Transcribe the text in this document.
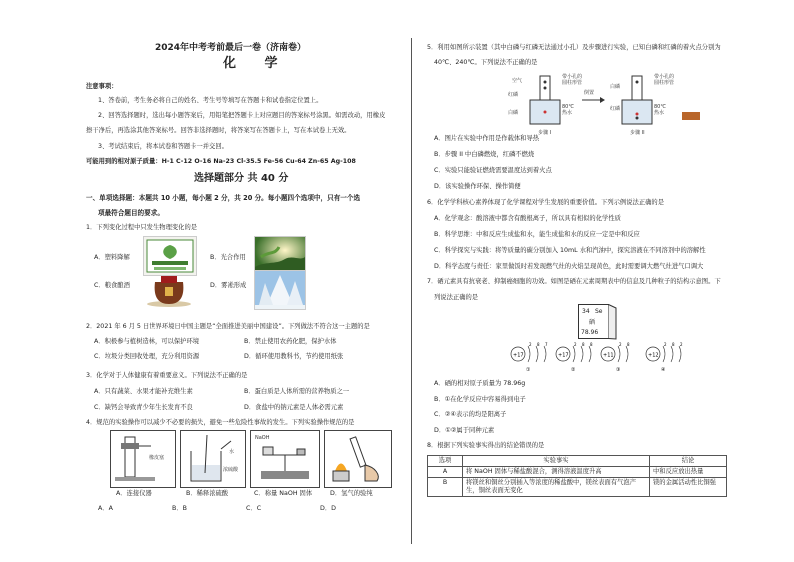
2024年中考考前最后一卷（济南卷）
化 学
注意事项：
1、答卷前，考生务必将自己的姓名、考生号等填写在答题卡和试卷指定位置上。
2、回答选择题时，选出每小题答案后，用铅笔把答题卡上对应题目的答案标号涂黑。如需改动，用橡皮
擦干净后，再选涂其他答案标号。回答非选择题时，将答案写在答题卡上，写在本试卷上无效。
3、考试结束后，将本试卷和答题卡一并交回。
可能用到的相对原子质量：H-1 C-12 O-16 Na-23 Cl-35.5 Fe-56 Cu-64 Zn-65 Ag-108
选择题部分 共 40 分
一、单项选择题：本题共 10 小题，每小题 2 分，共 20 分。每小题四个选项中，只有一个选
项最符合题目的要求。
1．下列变化过程中只发生物理变化的是
A．塑料降解	B．光合作用
C．粮食酿酒	D．雾凇形成
2．2021 年 6 月 5 日世界环境日中国主题是“全面推进美丽中国建设”。下列做法不符合这一主题的是
A．积极参与植树造林，可以保护环境	B．禁止使用农药化肥，保护水体
C．垃圾分类回收处理，充分利用资源	D．循环使用教科书，节约使用纸张
3．化学对于人体健康有着重要意义。下列说法不正确的是
A．只有蔬菜、水果才能补充维生素	B．蛋白质是人体所需的营养物质之一
C．缺钙会导致青少年生长发育不良	D．食盐中的钠元素是人体必需元素
4．规范的实验操作可以减少不必要的损失，避免一些危险性事故的发生。下列实验操作规范的是
橡皮塞
水
浓硫酸
NaOH
A．连接仪器	B．稀释浓硫酸	C．称量 NaOH 固体	D．氢气的验纯
A．A	B．B	C．C	D．D
5．利用如图所示装置（其中白磷与红磷无法通过小孔）及步骤进行实验，已知白磷和红磷的着火点分别为
40℃、240℃。下列说法不正确的是
空气
红磷
白磷
带小孔的
圆柱形管
80℃
热水
步骤 I
倒置
白磷
红磷
带小孔的
圆柱形管
80℃
热水
步骤 II
A．图片在实验中作用是作载体和导热
B．步骤 II 中白磷燃烧，红磷不燃烧
C．实验只能验证燃烧需要温度达到着火点
D．该实验操作环保、操作简便
6．化学学科核心素养体现了化学课程对学生发展的重要价值。下列示例说法正确的是
A．化学观念：酸溶液中都含有酸根离子，所以具有相似的化学性质
B．科学思维：中和反应生成盐和水，能生成盐和水的反应一定是中和反应
C．科学探究与实践：将等质量的碳分别加入 10mL 水和汽油中，探究溶液在不同溶剂中的溶解性
D．科学态度与责任：家里做饭时若发现燃气灶的火焰呈现黄色，此时需要调大燃气灶进气口调大
7．硒元素具有抗衰老、抑制癌细胞的功效。如图是硒在元素周期表中的信息及几种粒子的结构示意图。下
列说法正确的是
34 Se
硒
78.96
+17
2 8 7
①
+17
2 8 8
②
+11
2 8
③
+12
2 8 2
④
A．硒的相对原子质量为 78.96g
B．①在化学反应中容易得到电子
C．②④表示的均是阳离子
D．①②属于同种元素
8．根据下列实验事实得出的结论错误的是
选项	实验事实	结论
A	将 NaOH 固体与稀盐酸混合，测得溶液温度升高	中和反应放出热量
B	将镁丝和铜丝分别插入等浓度的稀盐酸中，镁丝表面有气泡产生，铜丝表面无变化	镁的金属活动性比铜强
